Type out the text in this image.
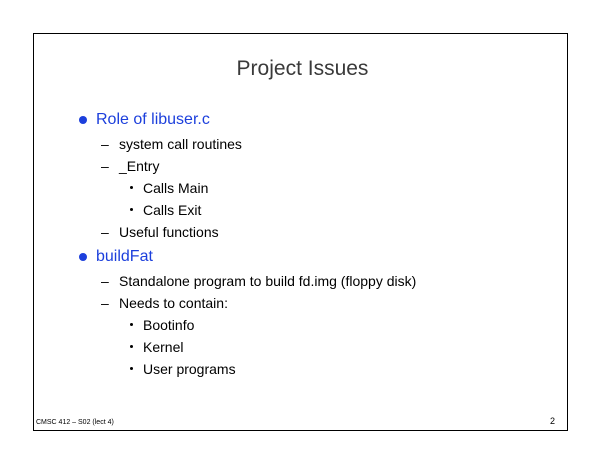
Project Issues
Role of libuser.c
– system call routines
– _Entry
Calls Main
Calls Exit
– Useful functions
buildFat
– Standalone program to build fd.img (floppy disk)
– Needs to contain:
Bootinfo
Kernel
User programs
CMSC 412 – S02 (lect 4)	2
